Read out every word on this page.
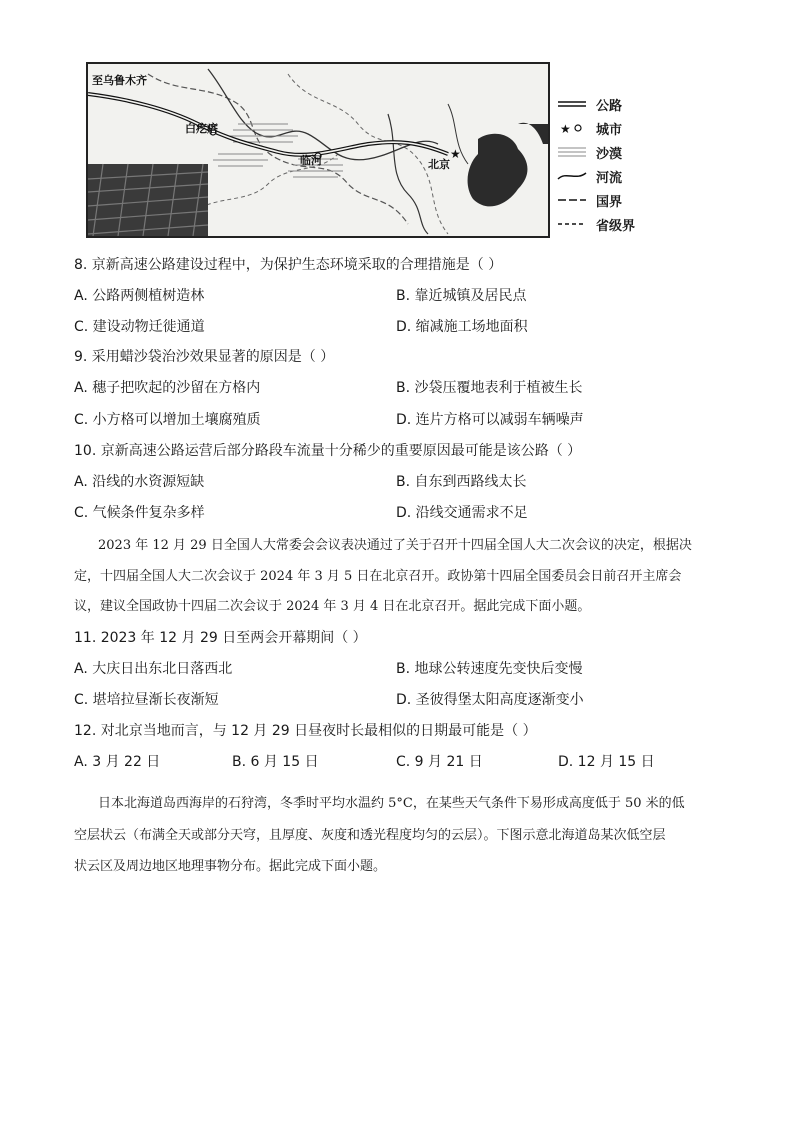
★
至乌鲁木齐
白疙瘩
临河	北京
公路
★ 城市
沙漠
河流
国界
省级界
8. 京新高速公路建设过程中，为保护生态环境采取的合理措施是（ ）
A. 公路两侧植树造林	B. 靠近城镇及居民点
C. 建设动物迁徙通道	D. 缩减施工场地面积
9. 采用蜡沙袋治沙效果显著的原因是（ ）
A. 穗子把吹起的沙留在方格内	B. 沙袋压覆地表利于植被生长
C. 小方格可以增加土壤腐殖质	D. 连片方格可以减弱车辆噪声
10. 京新高速公路运营后部分路段车流量十分稀少的重要原因最可能是该公路（ ）
A. 沿线的水资源短缺	B. 自东到西路线太长
C. 气候条件复杂多样	D. 沿线交通需求不足
2023 年 12 月 29 日全国人大常委会会议表决通过了关于召开十四届全国人大二次会议的决定，根据决
定，十四届全国人大二次会议于 2024 年 3 月 5 日在北京召开。政协第十四届全国委员会日前召开主席会
议，建议全国政协十四届二次会议于 2024 年 3 月 4 日在北京召开。据此完成下面小题。
11. 2023 年 12 月 29 日至两会开幕期间（ ）
A. 大庆日出东北日落西北	B. 地球公转速度先变快后变慢
C. 堪培拉昼渐长夜渐短	D. 圣彼得堡太阳高度逐渐变小
12. 对北京当地而言，与 12 月 29 日昼夜时长最相似的日期最可能是（ ）
A. 3 月 22 日	B. 6 月 15 日	C. 9 月 21 日	D. 12 月 15 日
日本北海道岛西海岸的石狩湾，冬季时平均水温约 5°C，在某些天气条件下易形成高度低于 50 米的低
空层状云（布满全天或部分天穹，且厚度、灰度和透光程度均匀的云层）。下图示意北海道岛某次低空层
状云区及周边地区地理事物分布。据此完成下面小题。
